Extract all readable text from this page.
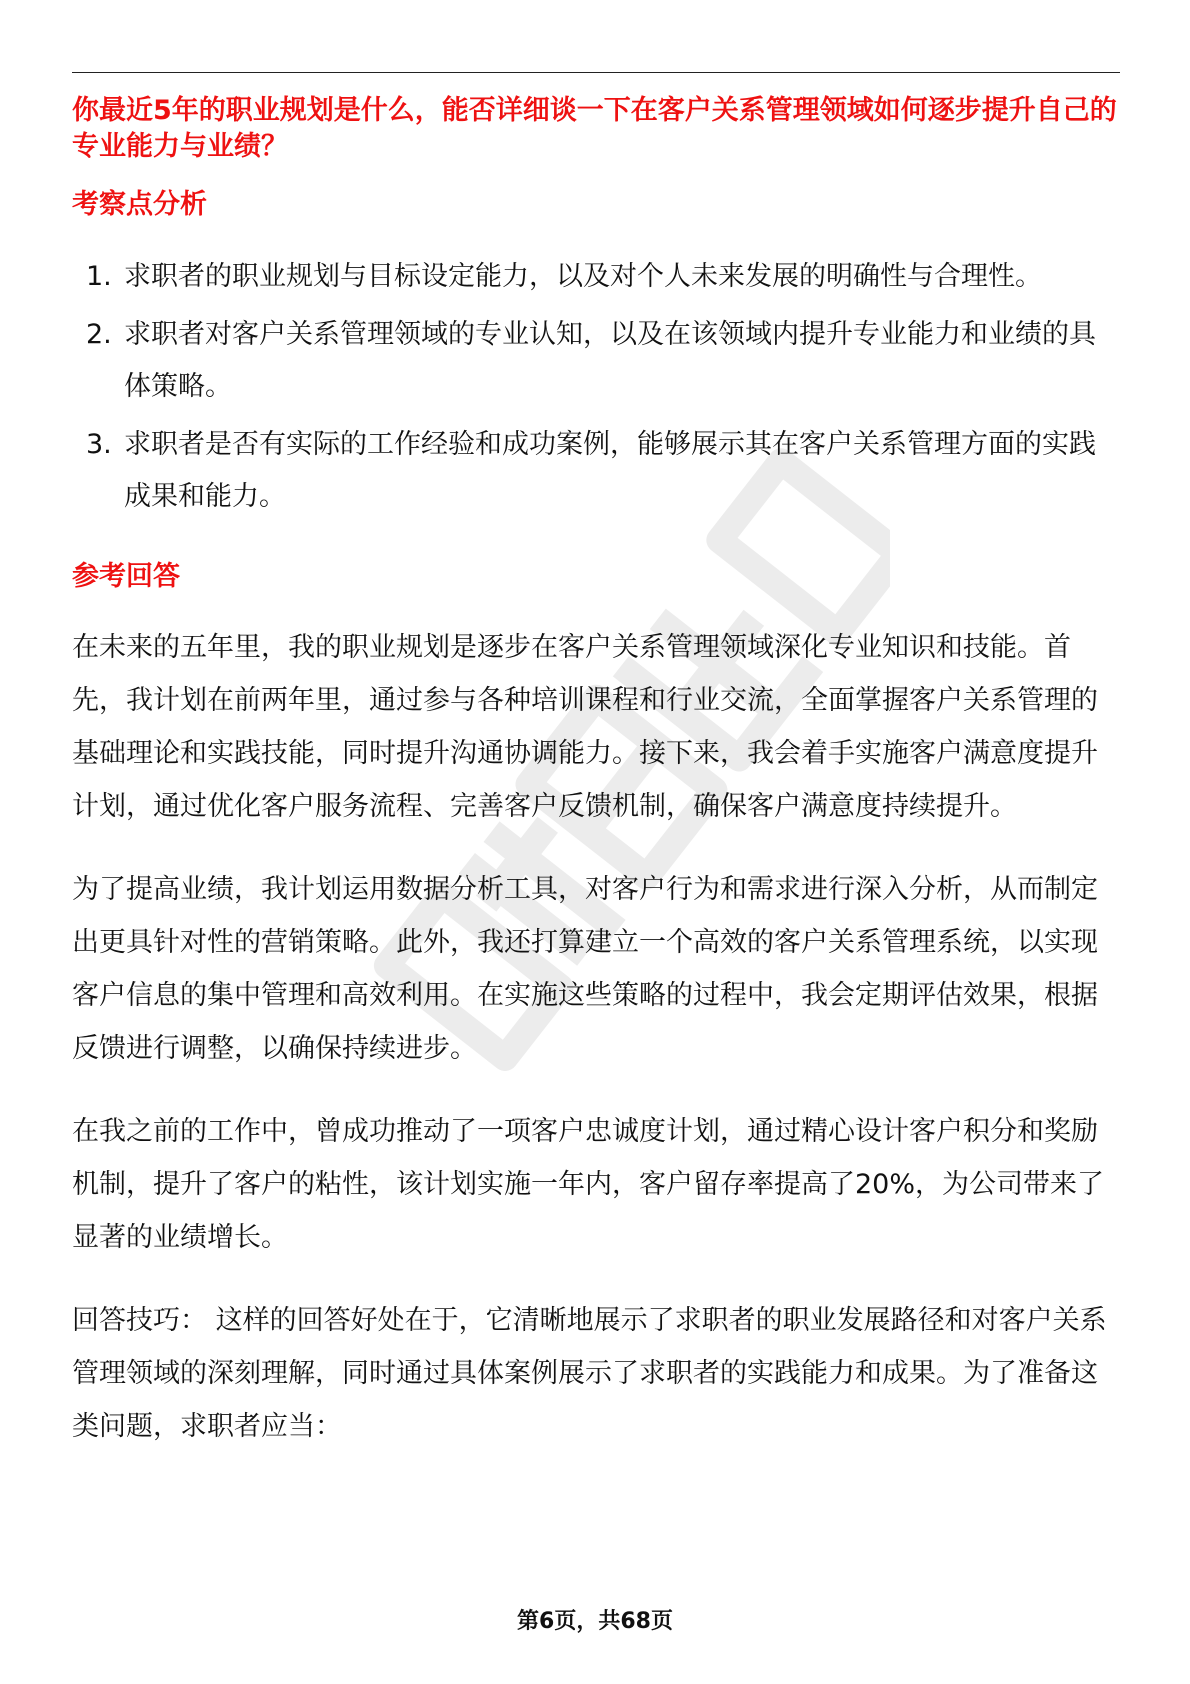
你最近5年的职业规划是什么，能否详细谈一下在客户关系管理领域如何逐步提升自己的专业能力与业绩？

考察点分析

1. 求职者的职业规划与目标设定能力，以及对个人未来发展的明确性与合理性。
2. 求职者对客户关系管理领域的专业认知，以及在该领域内提升专业能力和业绩的具体策略。
3. 求职者是否有实际的工作经验和成功案例，能够展示其在客户关系管理方面的实践成果和能力。

参考回答

在未来的五年里，我的职业规划是逐步在客户关系管理领域深化专业知识和技能。首先，我计划在前两年里，通过参与各种培训课程和行业交流，全面掌握客户关系管理的基础理论和实践技能，同时提升沟通协调能力。接下来，我会着手实施客户满意度提升计划，通过优化客户服务流程、完善客户反馈机制，确保客户满意度持续提升。

为了提高业绩，我计划运用数据分析工具，对客户行为和需求进行深入分析，从而制定出更具针对性的营销策略。此外，我还打算建立一个高效的客户关系管理系统，以实现客户信息的集中管理和高效利用。在实施这些策略的过程中，我会定期评估效果，根据反馈进行调整，以确保持续进步。

在我之前的工作中，曾成功推动了一项客户忠诚度计划，通过精心设计客户积分和奖励机制，提升了客户的粘性，该计划实施一年内，客户留存率提高了20%，为公司带来了显著的业绩增长。

回答技巧： 这样的回答好处在于，它清晰地展示了求职者的职业发展路径和对客户关系管理领域的深刻理解，同时通过具体案例展示了求职者的实践能力和成果。为了准备这类问题，求职者应当：

第6页，共68页
